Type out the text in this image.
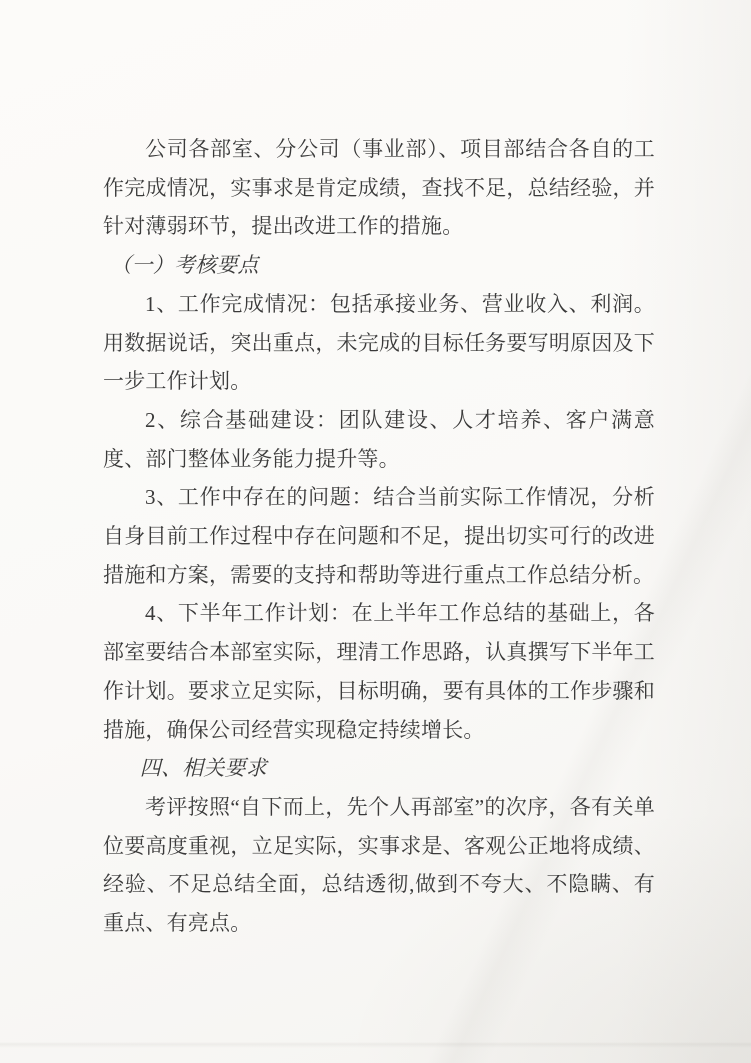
公司各部室、分公司（事业部）、项目部结合各自的工作完成情况，实事求是肯定成绩，查找不足，总结经验，并针对薄弱环节，提出改进工作的措施。

（一）考核要点

1、工作完成情况：包括承接业务、营业收入、利润。用数据说话，突出重点，未完成的目标任务要写明原因及下一步工作计划。

2、综合基础建设：团队建设、人才培养、客户满意度、部门整体业务能力提升等。

3、工作中存在的问题：结合当前实际工作情况，分析自身目前工作过程中存在问题和不足，提出切实可行的改进措施和方案，需要的支持和帮助等进行重点工作总结分析。

4、下半年工作计划：在上半年工作总结的基础上，各部室要结合本部室实际，理清工作思路，认真撰写下半年工作计划。要求立足实际，目标明确，要有具体的工作步骤和措施，确保公司经营实现稳定持续增长。

四、相关要求

考评按照“自下而上，先个人再部室”的次序，各有关单位要高度重视，立足实际，实事求是、客观公正地将成绩、经验、不足总结全面，总结透彻,做到不夸大、不隐瞒、有重点、有亮点。
